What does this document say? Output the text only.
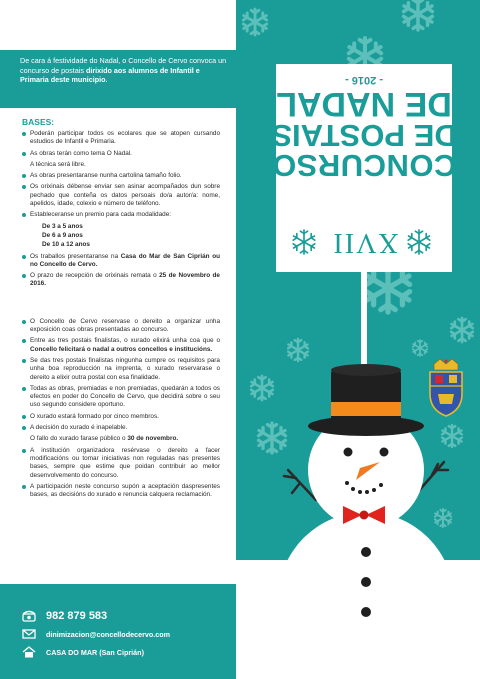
De cara á festividade do Nadal, o Concello de Cervo convoca un concurso de postais dirixido aos alumnos de Infantil e Primaria deste municipio.
BASES:
Poderán participar todos os ecolares que se atopen cursando estudios de Infantil e Primaria.
As obras terán como tema O Nadal.
A técnica será libre.
As obras presentaranse nunha cartolina tamaño folio.
Os orixinais débense enviar sen asinar acompañados dun sobre pechado que conteña os datos persoais do/a autor/a: nome, apelidos, idade, colexio e número de teléfono.
Estableceranse un premio para cada modalidade:
De 3 a 5 anos
De 6 a 9 anos
De 10 a 12 anos
Os traballos presentaranse na Casa do Mar de San Ciprián ou no Concello de Cervo.
O prazo de recepción de orixinais remata o 25 de Novembro de 2016.
O Concello de Cervo reservase o dereito a organizar unha exposición coas obras presentadas ao concurso.
Entre as tres postais finalistas, o xurado elixirá unha coa que o Concello felicitará o nadal a outros concellos e institucións.
Se das tres postais finalistas ningunha cumpre os requisitos para unha boa reproducción na imprenta, o xurado reservarase o dereito a elixir outra postal con esa finalidade.
Todas as obras, premiadas e non premiadas, quedarán a todos os efectos en poder do Concello de Cervo, que decidirá sobre o seu uso segundo considere oportuno.
O xurado estará formado por cinco membros.
A decisión do xurado é inapelable.
O fallo do xurado farase público o 30 de novembro.
A institución organizadora resérvase o dereito a facer modificacións ou tomar iniciativas non reguladas nas presentes bases, sempre que estime que poidan contribuir ao mellor desenvolvemento do concurso.
A participación neste concurso supón a aceptación daspresentes bases, as decisións do xurado e renuncia calquera reclamación.
+ INFORMACIÓN
982 879 583
dinimizacion@concellodecervo.com
CASA DO MAR (San Ciprián)
CONCURSO
DE POSTAIS
DE NADAL
- 2016 -
XVII
